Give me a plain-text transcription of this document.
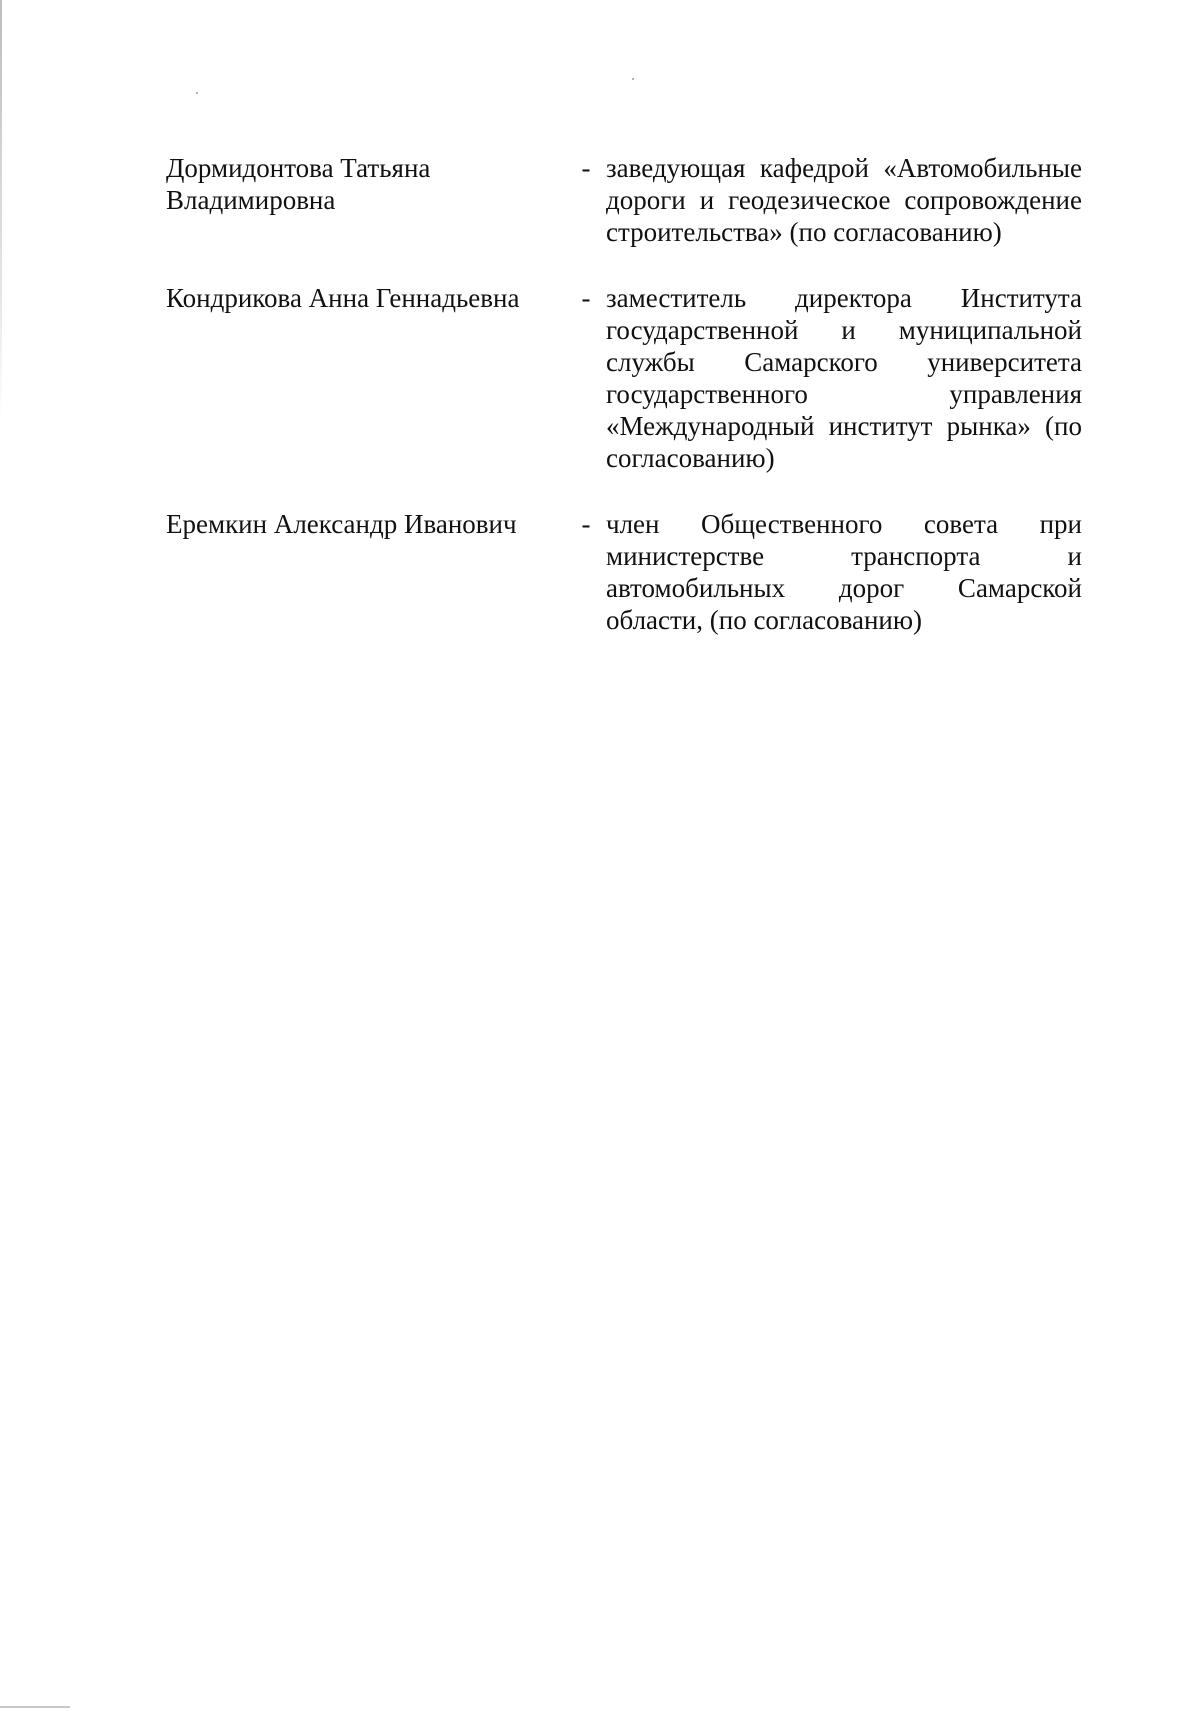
Дормидонтова Татьяна Владимировна
- заведующая кафедрой «Автомобильные дороги и геодезическое сопровождение строительства» (по согласованию)
Кондрикова Анна Геннадьевна	- заместитель директора Института государственной и муниципальной службы Самарского университета государственного управления «Международный институт рынка» (по согласованию)
Еремкин Александр Иванович	- член Общественного совета при министерстве транспорта и автомобильных дорог Самарской области, (по согласованию)
